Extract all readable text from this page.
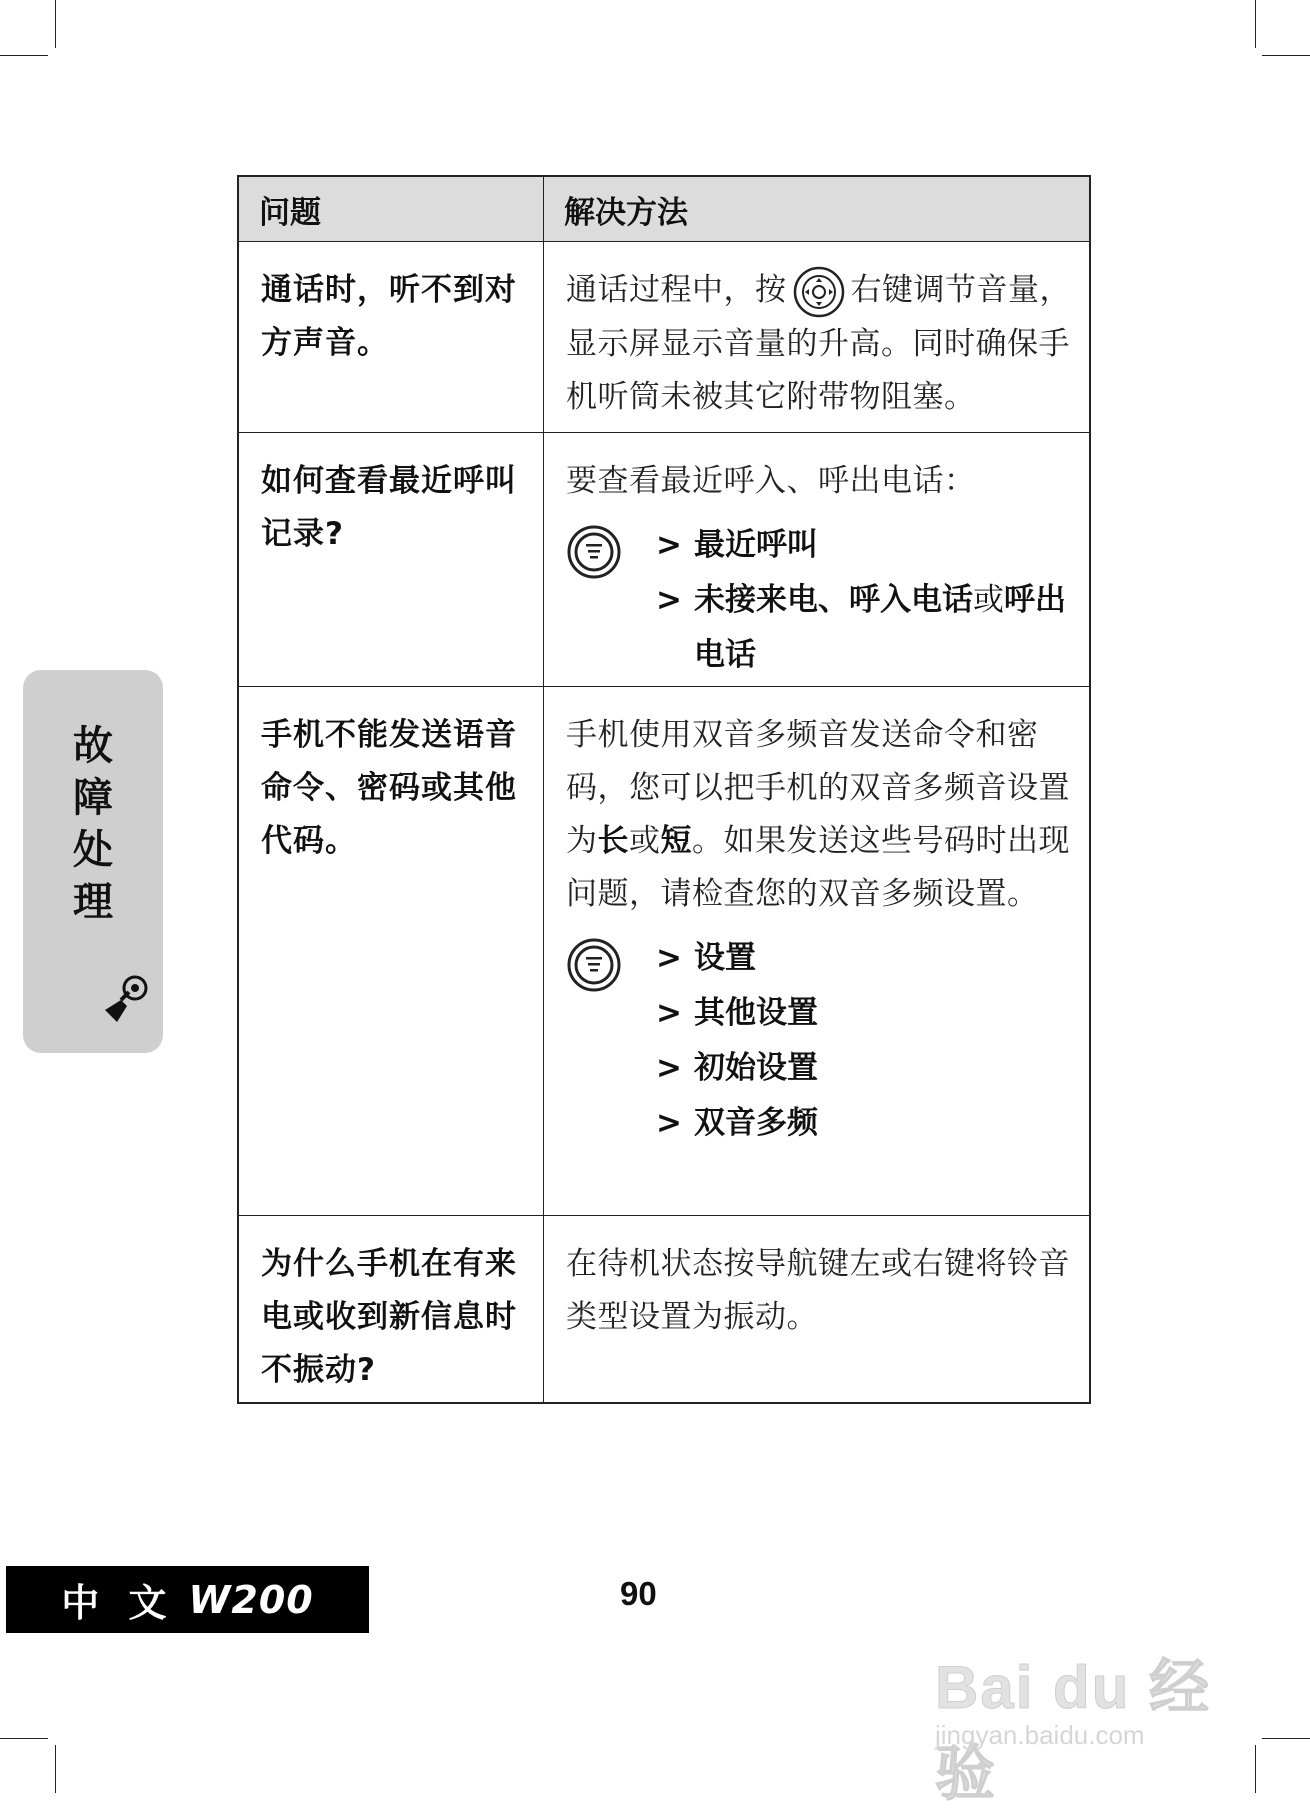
问题	解决方法
通话时，听不到对方声音。
通话过程中，按 右键调节音量，显示屏显示音量的升高。同时确保手机听筒未被其它附带物阻塞。
如何查看最近呼叫记录?
要查看最近呼入、呼出电话：
> 最近呼叫
> 未接来电、呼入电话或呼出电话
手机不能发送语音命令、密码或其他代码。
手机使用双音多频音发送命令和密码，您可以把手机的双音多频音设置为长或短。如果发送这些号码时出现问题，请检查您的双音多频设置。
> 设置
> 其他设置
> 初始设置
> 双音多频
为什么手机在有来电或收到新信息时不振动?
在待机状态按导航键左或右键将铃音类型设置为振动。
故
障
处
理
中 文 W200	90
Bai du 经验
jingyan.baidu.com
